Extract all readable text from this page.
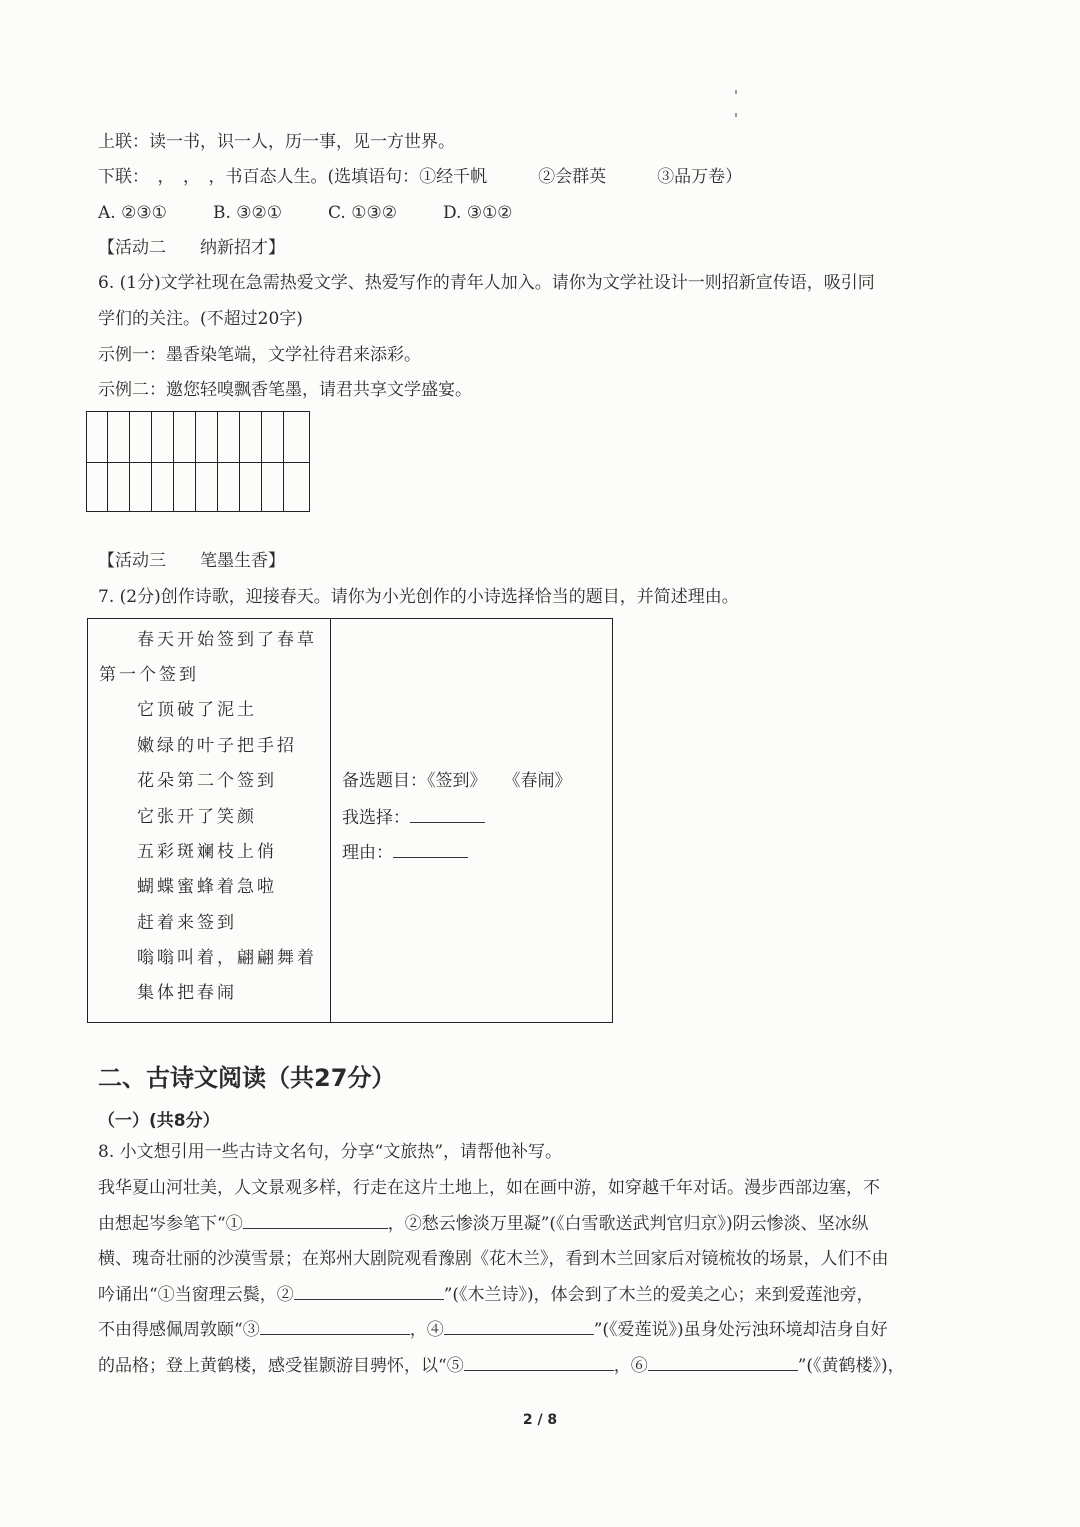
上联：读一书，识一人，历一事，见一方世界。
下联：　，　，　，书百态人生。(选填语句：①经千帆　　　②会群英　　　③品万卷）
A. ②③①	B. ③②①	C. ①③②	D. ③①②
【活动二　　纳新招才】
6. (1分)文学社现在急需热爱文学、热爱写作的青年人加入。请你为文学社设计一则招新宣传语，吸引同
学们的关注。(不超过20字)
示例一：墨香染笔端，文学社待君来添彩。
示例二：邀您轻嗅飘香笔墨，请君共享文学盛宴。
【活动三　　笔墨生香】
7. (2分)创作诗歌，迎接春天。请你为小光创作的小诗选择恰当的题目，并简述理由。
春天开始签到了春草
第一个签到
它顶破了泥土
嫩绿的叶子把手招
花朵第二个签到
它张开了笑颜
五彩斑斓枝上俏
蝴蝶蜜蜂着急啦
赶着来签到
嗡嗡叫着，翩翩舞着
集体把春闹
备选题目：《签到》　　《春闹》
我选择：
理由：
二、古诗文阅读（共27分）
（一）(共8分）
8. 小文想引用一些古诗文名句，分享“文旅热”，请帮他补写。
我华夏山河壮美，人文景观多样，行走在这片土地上，如在画中游，如穿越千年对话。漫步西部边塞，不
由想起岑参笔下“①	，②愁云惨淡万里凝”(《白雪歌送武判官归京》)阴云惨淡、坚冰纵
横、瑰奇壮丽的沙漠雪景；在郑州大剧院观看豫剧《花木兰》，看到木兰回家后对镜梳妆的场景，人们不由
吟诵出“①当窗理云鬓，②	”(《木兰诗》)，体会到了木兰的爱美之心；来到爱莲池旁，
不由得感佩周敦颐“③	，④	”(《爱莲说》)虽身处污浊环境却洁身自好
的品格；登上黄鹤楼，感受崔颢游目骋怀，以“⑤	，⑥	”(《黄鹤楼》)，
2 / 8
